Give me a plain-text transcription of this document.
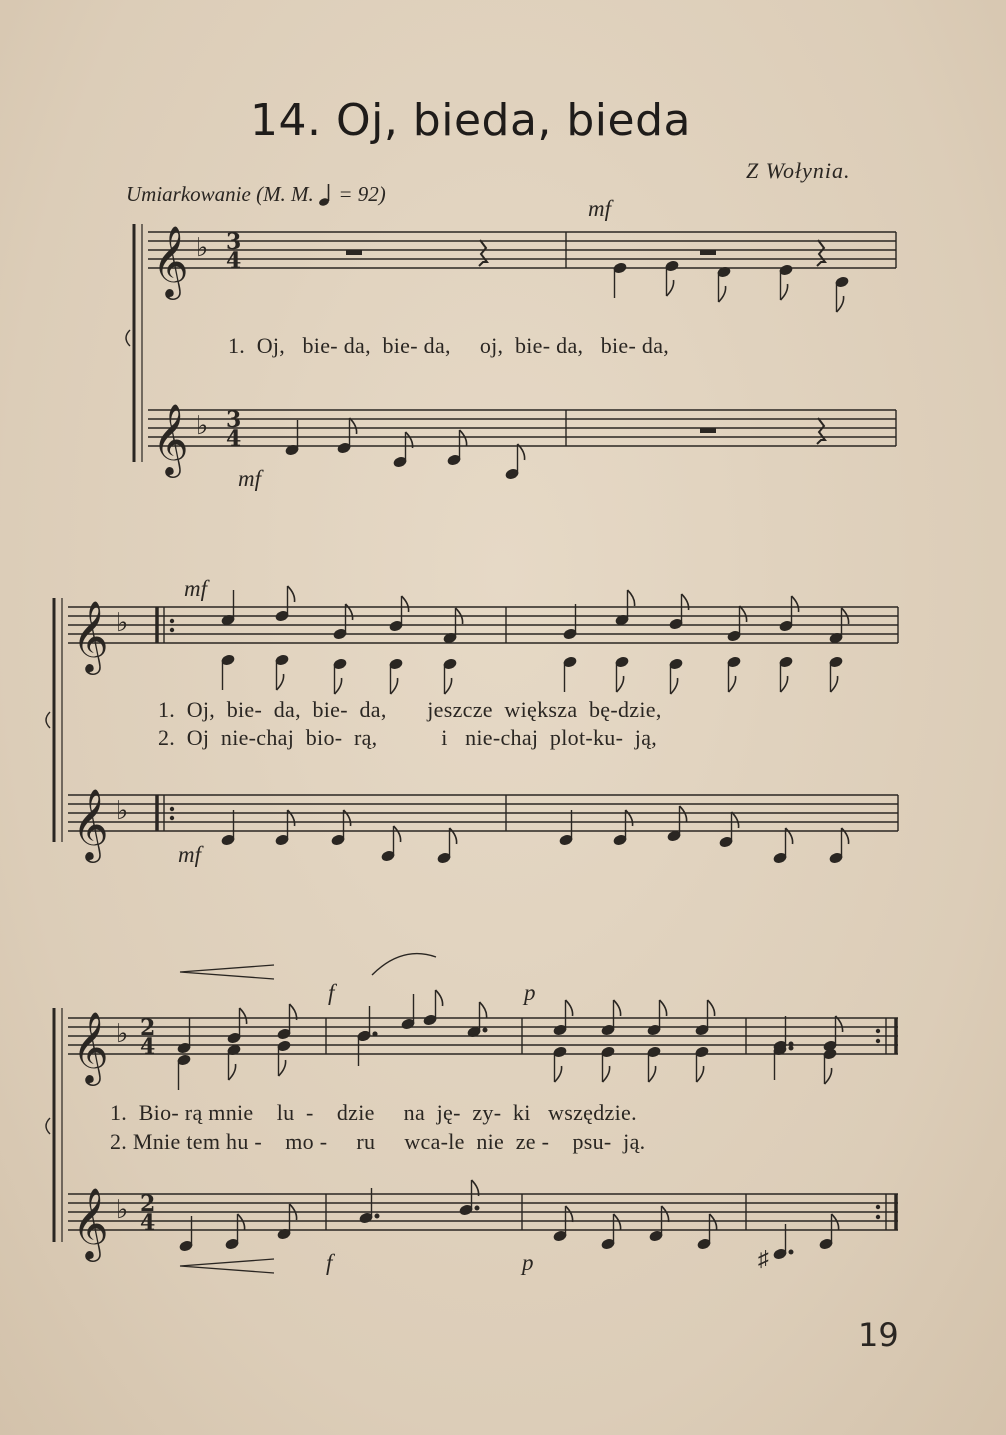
14. Oj, bieda, bieda
Z Wołynia.
Umiarkowanie (M. M. = 92)
𝄞
𝄞
𝄞
𝄞
𝄞
𝄞
♭
♭
♭
♭
♭
♭
3
4
3
4
2
4
2
4
♯
mf
mf
mf
mf
f	p
f	p
1.  Oj,   bie- da,  bie- da,     oj,  bie- da,   bie- da,
1.  Oj,  bie-  da,  bie-  da,       jeszcze  większa  bę-dzie,
2.  Oj  nie-chaj  bio-  rą,           i   nie-chaj  plot-ku-  ją,
1.  Bio- rą mnie    lu  -    dzie     na  ję-  zy-  ki   wszędzie.
2. Mnie tem hu -    mo -     ru     wca-le  nie  ze -    psu-  ją.
19
